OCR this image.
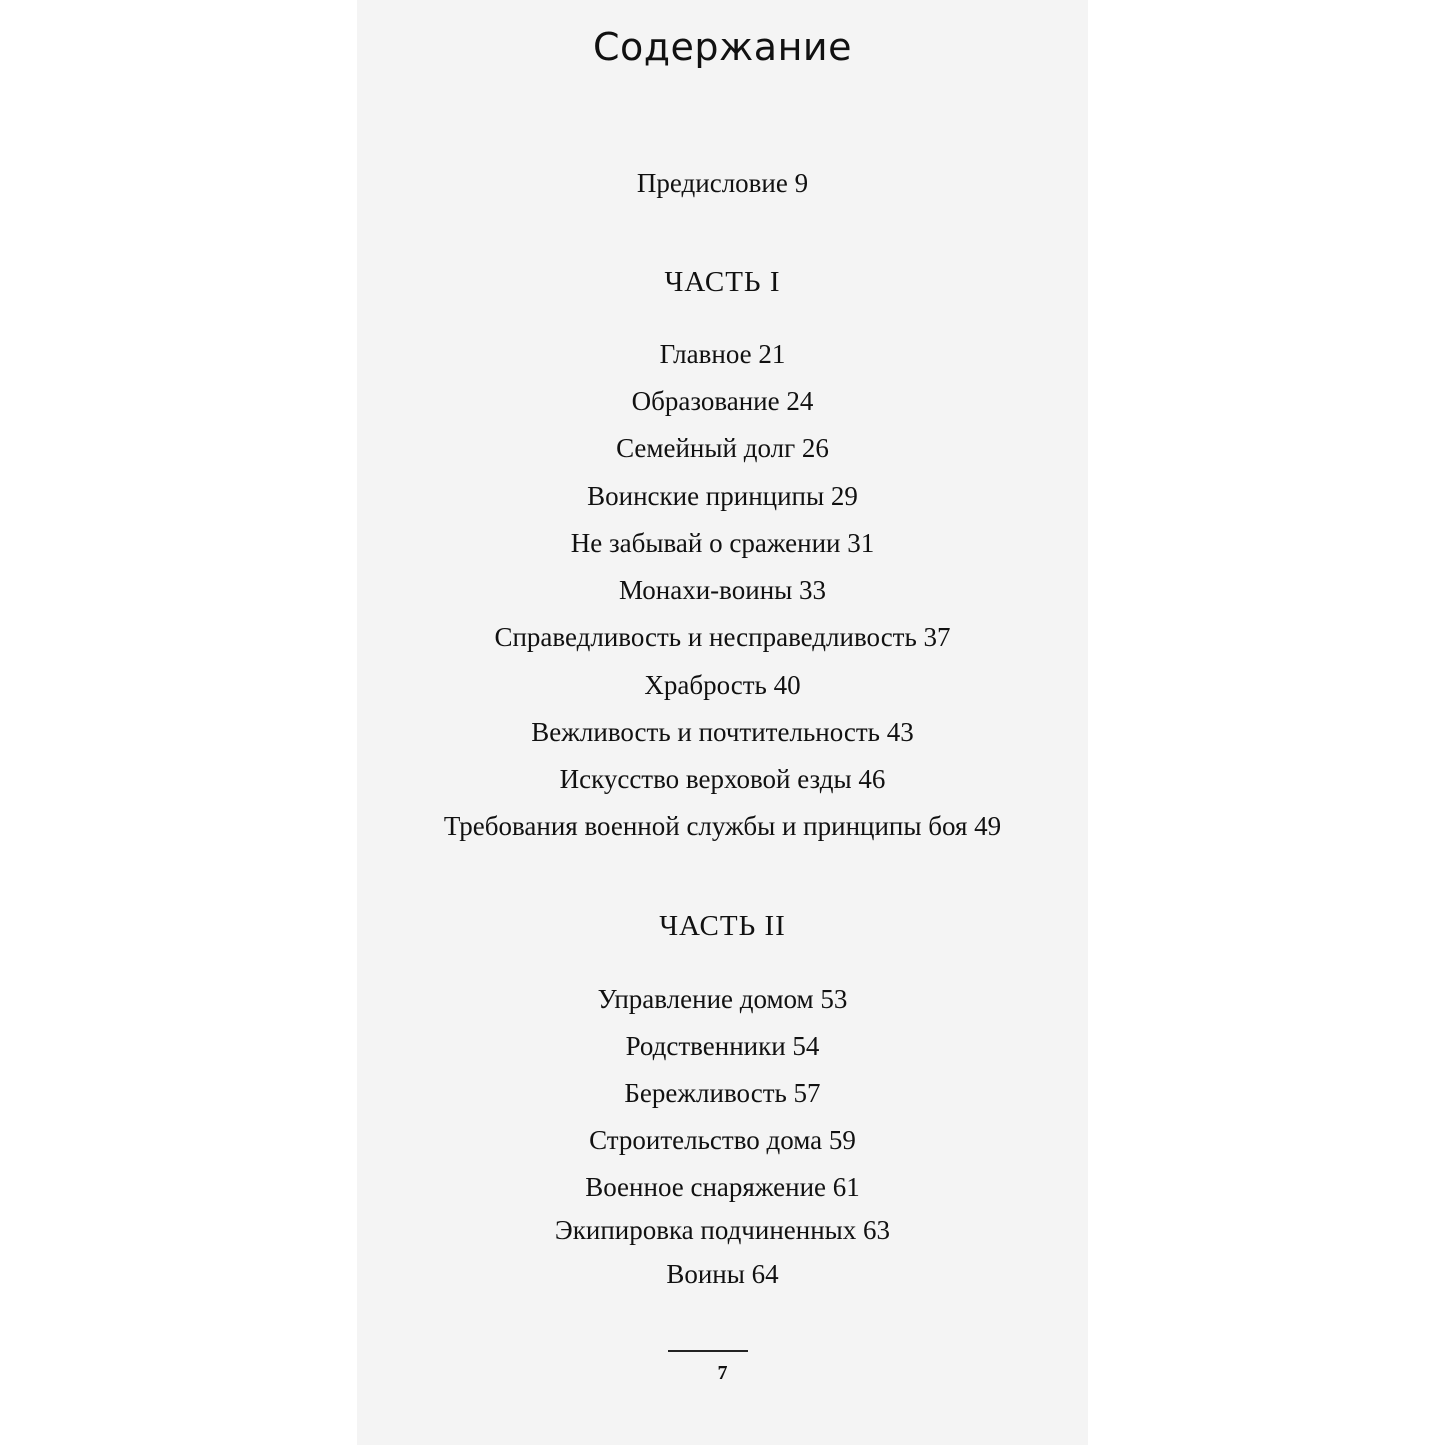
Содержание
Предисловие 9
ЧАСТЬ I
Главное 21
Образование 24
Семейный долг 26
Воинские принципы 29
Не забывай о сражении 31
Монахи-воины 33
Справедливость и несправедливость 37
Храбрость 40
Вежливость и почтительность 43
Искусство верховой езды 46
Требования военной службы и принципы боя 49
ЧАСТЬ II
Управление домом 53
Родственники 54
Бережливость 57
Строительство дома 59
Военное снаряжение 61
Экипировка подчиненных 63
Воины 64
7
